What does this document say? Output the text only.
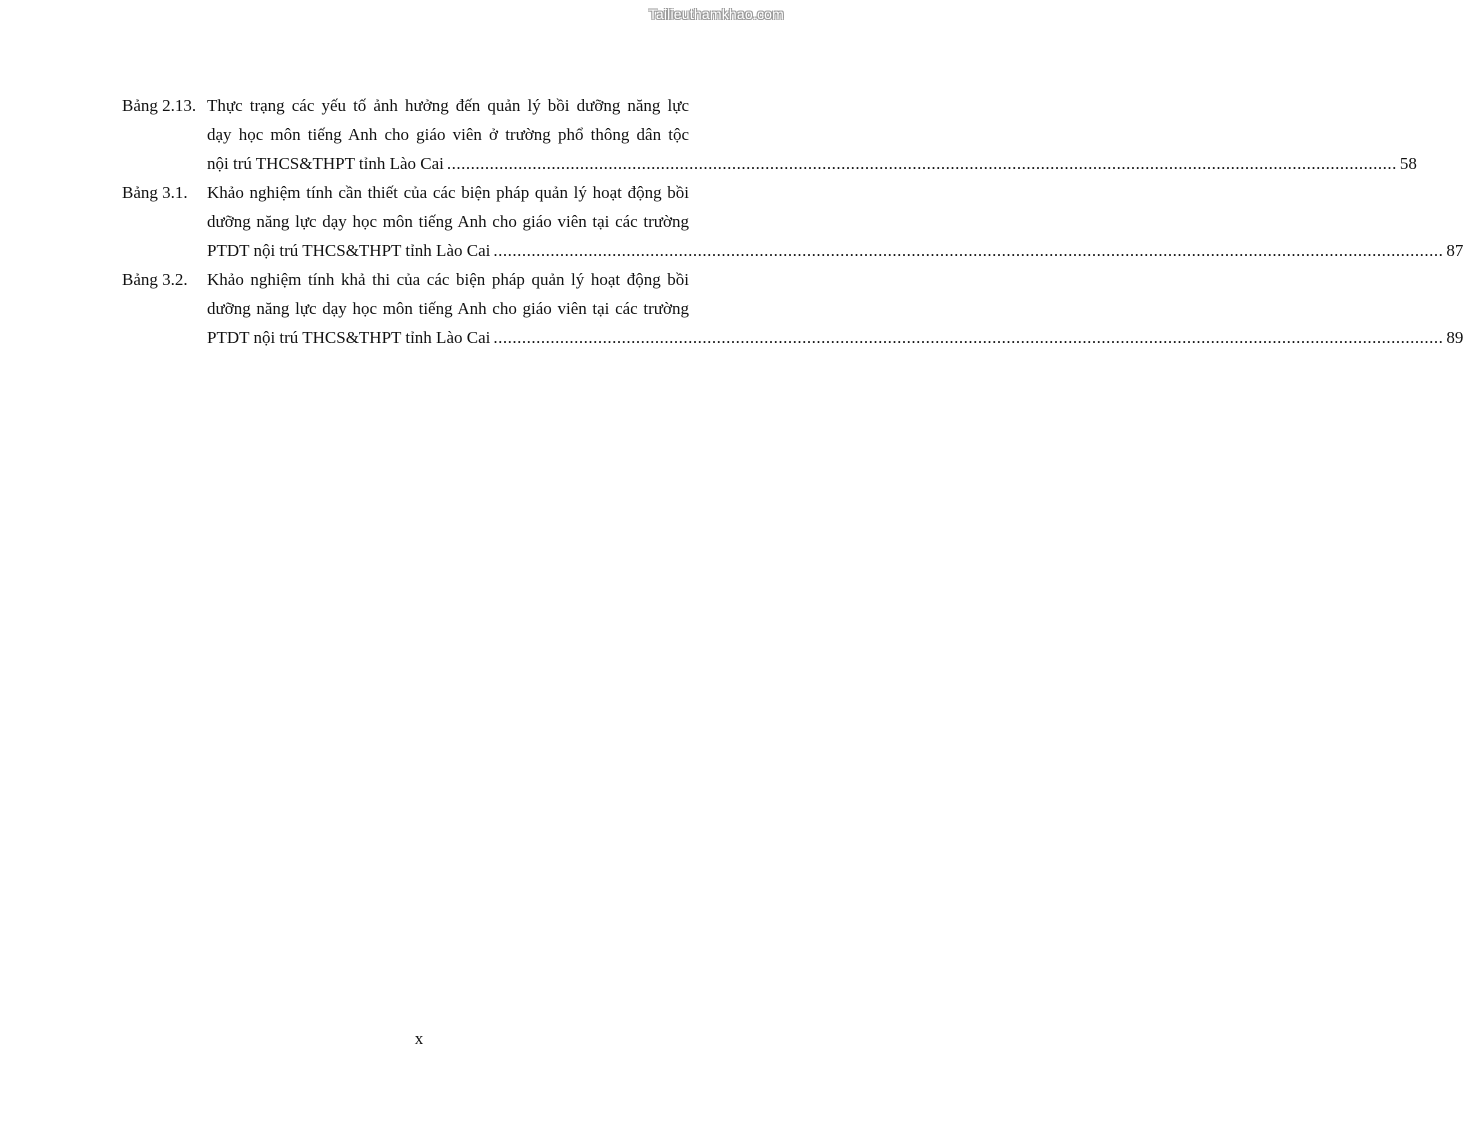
Tailieuthamkhao.com
Bảng 2.13. Thực trạng các yếu tố ảnh hưởng đến quản lý bồi dưỡng năng lực
dạy học môn tiếng Anh cho giáo viên ở trường phổ thông dân tộc
nội trú THCS&THPT tỉnh Lào Cai ........................................................................................................................................................................................................ 58
Bảng 3.1. Khảo nghiệm tính cần thiết của các biện pháp quản lý hoạt động bồi
dưỡng năng lực dạy học môn tiếng Anh cho giáo viên tại các trường
PTDT nội trú THCS&THPT tỉnh Lào Cai ........................................................................................................................................................................................................ 87
Bảng 3.2. Khảo nghiệm tính khả thi của các biện pháp quản lý hoạt động bồi
dưỡng năng lực dạy học môn tiếng Anh cho giáo viên tại các trường
PTDT nội trú THCS&THPT tỉnh Lào Cai ........................................................................................................................................................................................................ 89
x
